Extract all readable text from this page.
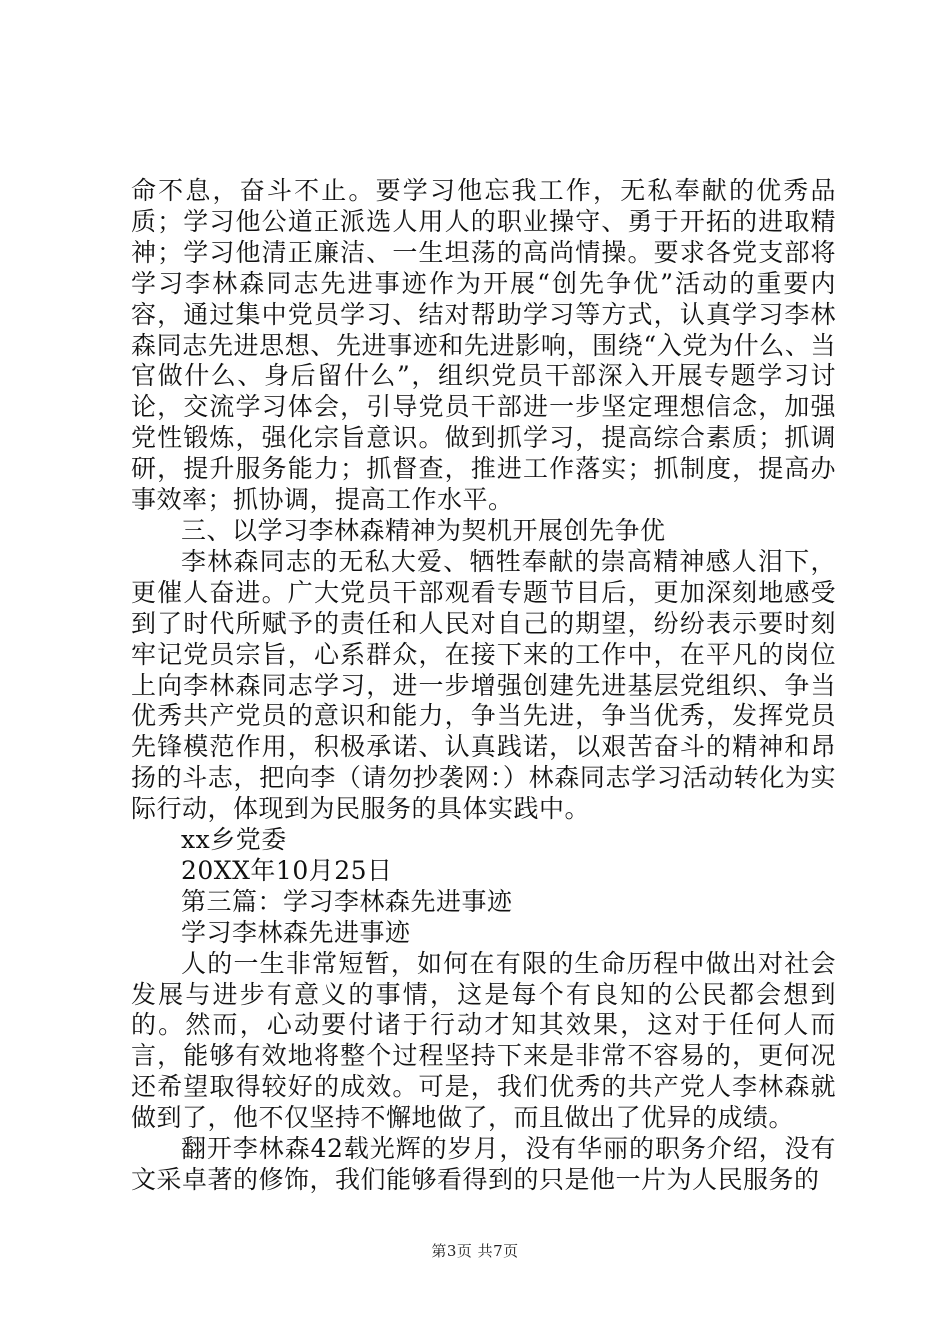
命不息，奋斗不止。要学习他忘我工作，无私奉献的优秀品质；学习他公道正派选人用人的职业操守、勇于开拓的进取精神；学习他清正廉洁、一生坦荡的高尚情操。要求各党支部将学习李林森同志先进事迹作为开展“创先争优”活动的重要内容，通过集中党员学习、结对帮助学习等方式，认真学习李林森同志先进思想、先进事迹和先进影响，围绕“入党为什么、当官做什么、身后留什么”，组织党员干部深入开展专题学习讨论，交流学习体会，引导党员干部进一步坚定理想信念，加强党性锻炼，强化宗旨意识。做到抓学习，提高综合素质；抓调研，提升服务能力；抓督查，推进工作落实；抓制度，提高办事效率；抓协调，提高工作水平。

三、以学习李林森精神为契机开展创先争优

李林森同志的无私大爱、牺牲奉献的崇高精神感人泪下，更催人奋进。广大党员干部观看专题节目后，更加深刻地感受到了时代所赋予的责任和人民对自己的期望，纷纷表示要时刻牢记党员宗旨，心系群众，在接下来的工作中，在平凡的岗位上向李林森同志学习，进一步增强创建先进基层党组织、争当优秀共产党员的意识和能力，争当先进，争当优秀，发挥党员先锋模范作用，积极承诺、认真践诺，以艰苦奋斗的精神和昂扬的斗志，把向李（请勿抄袭网：）林森同志学习活动转化为实际行动，体现到为民服务的具体实践中。

xx乡党委

20XX年10月25日

第三篇：学习李林森先进事迹

学习李林森先进事迹

人的一生非常短暂，如何在有限的生命历程中做出对社会发展与进步有意义的事情，这是每个有良知的公民都会想到的。然而，心动要付诸于行动才知其效果，这对于任何人而言，能够有效地将整个过程坚持下来是非常不容易的，更何况还希望取得较好的成效。可是，我们优秀的共产党人李林森就做到了，他不仅坚持不懈地做了，而且做出了优异的成绩。

翻开李林森42载光辉的岁月，没有华丽的职务介绍，没有文采卓著的修饰，我们能够看得到的只是他一片为人民服务的

第3页 共7页
